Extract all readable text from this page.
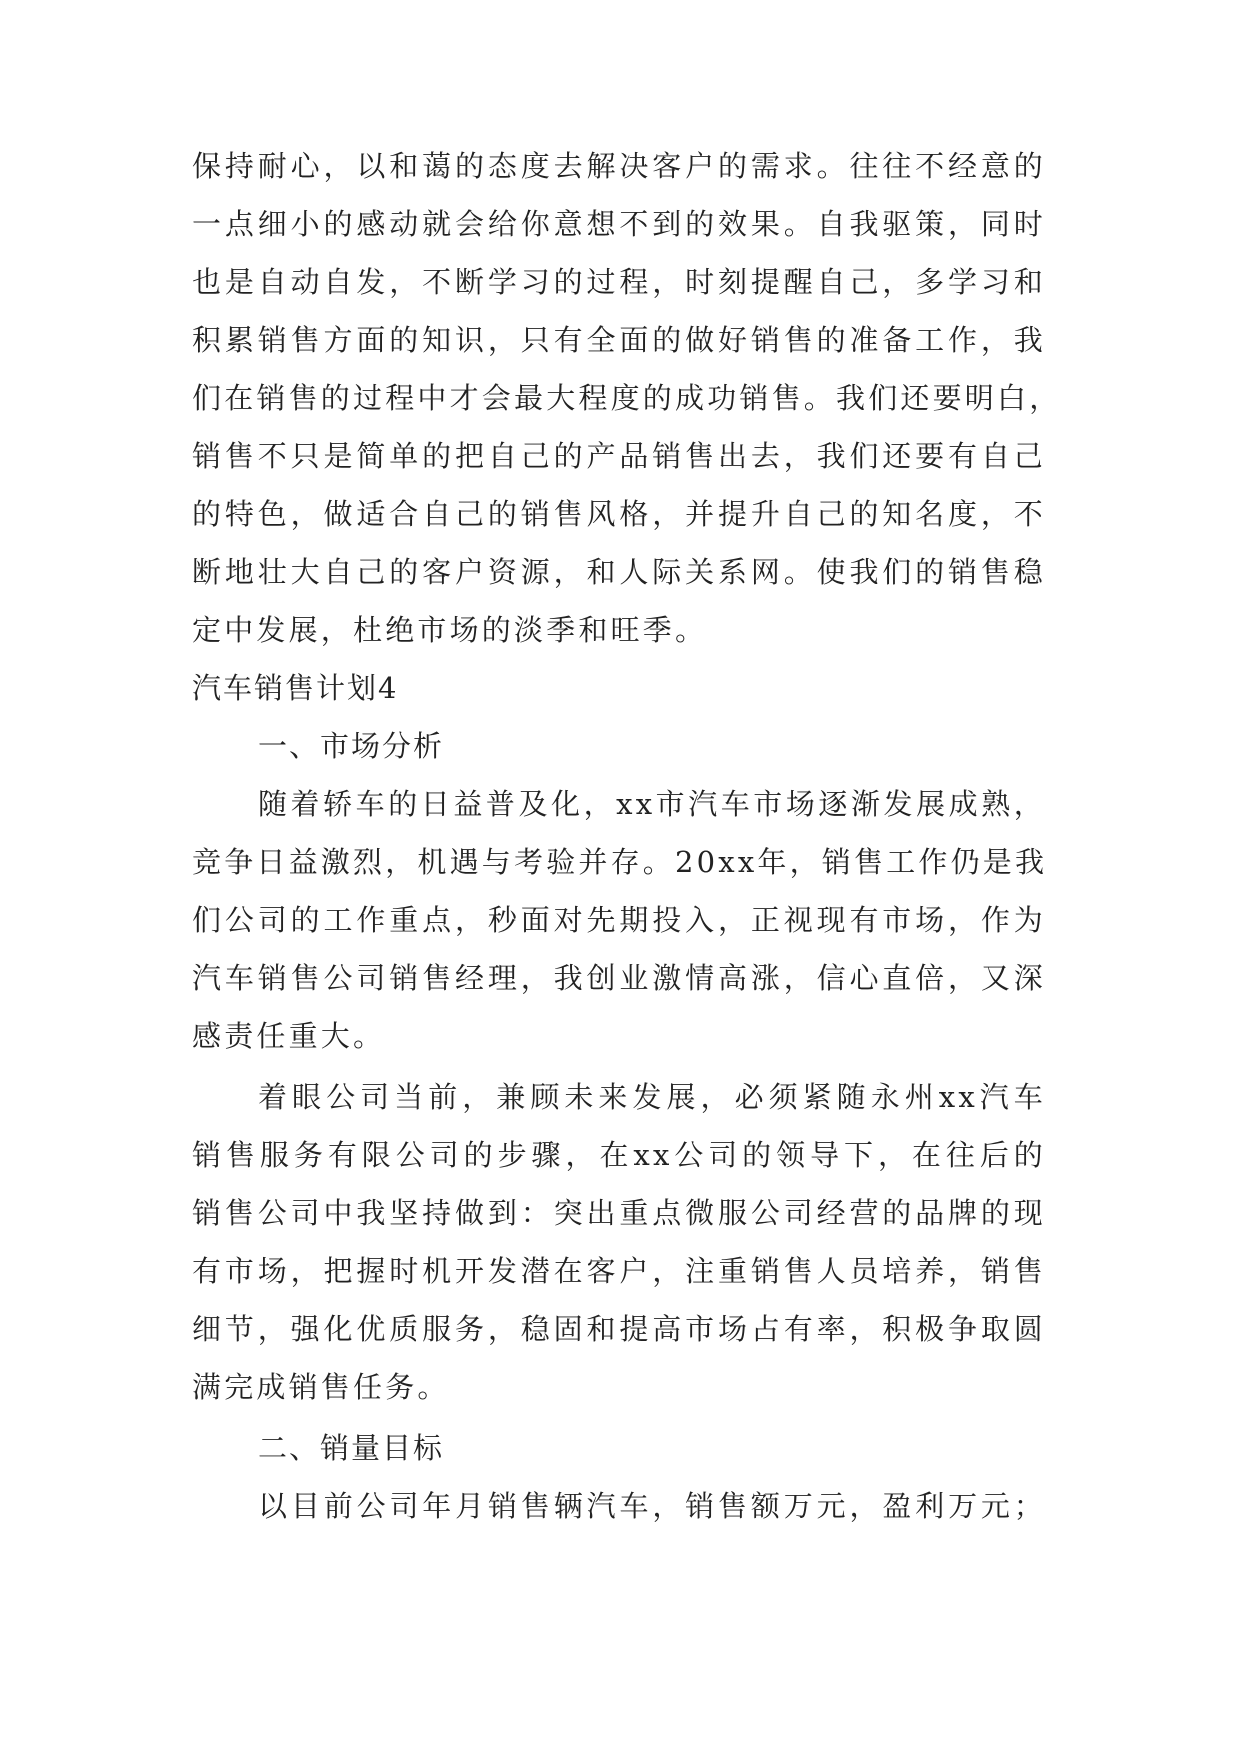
保持耐心，以和蔼的态度去解决客户的需求。往往不经意的
一点细小的感动就会给你意想不到的效果。自我驱策，同时
也是自动自发，不断学习的过程，时刻提醒自己，多学习和
积累销售方面的知识，只有全面的做好销售的准备工作，我
们在销售的过程中才会最大程度的成功销售。我们还要明白，
销售不只是简单的把自己的产品销售出去，我们还要有自己
的特色，做适合自己的销售风格，并提升自己的知名度，不
断地壮大自己的客户资源，和人际关系网。使我们的销售稳
定中发展，杜绝市场的淡季和旺季。
汽车销售计划4
一、市场分析
随着轿车的日益普及化，xx市汽车市场逐渐发展成熟，
竞争日益激烈，机遇与考验并存。20xx年，销售工作仍是我
们公司的工作重点，秒面对先期投入，正视现有市场，作为
汽车销售公司销售经理，我创业激情高涨，信心直倍，又深
感责任重大。
着眼公司当前，兼顾未来发展，必须紧随永州xx汽车
销售服务有限公司的步骤，在xx公司的领导下，在往后的
销售公司中我坚持做到：突出重点微服公司经营的品牌的现
有市场，把握时机开发潜在客户，注重销售人员培养，销售
细节，强化优质服务，稳固和提高市场占有率，积极争取圆
满完成销售任务。
二、销量目标
以目前公司年月销售辆汽车，销售额万元，盈利万元；
